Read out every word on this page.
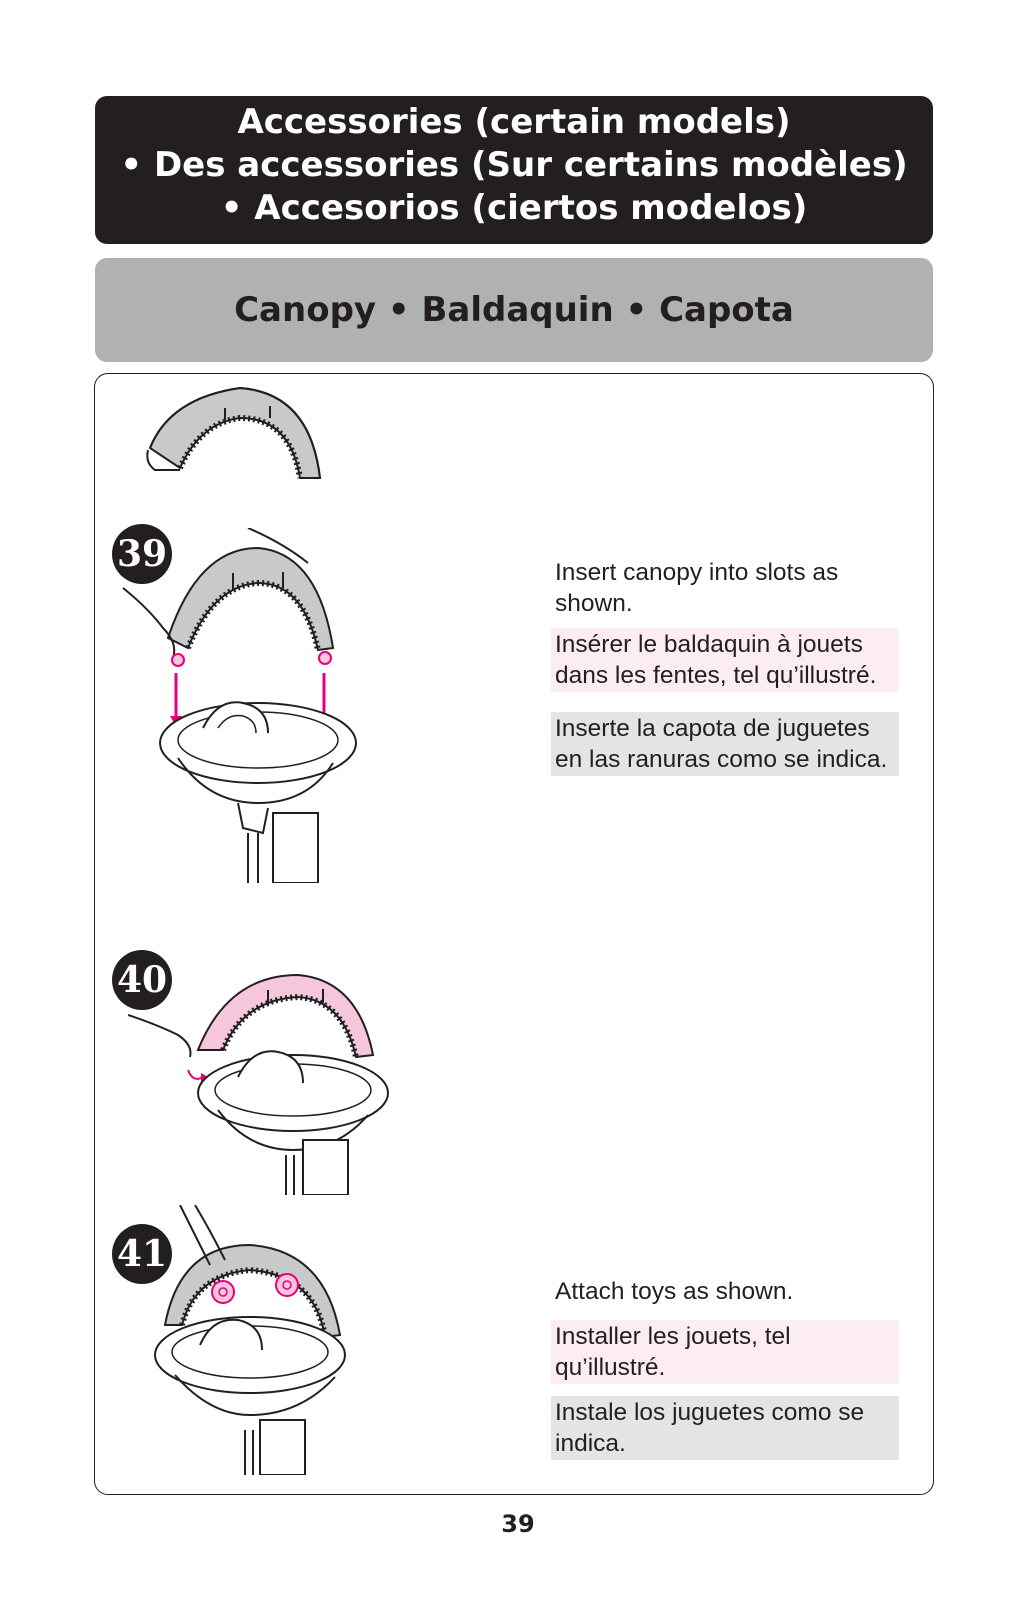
Accessories (certain models)
• Des accessories (Sur certains modèles)
• Accesorios (ciertos modelos)
Canopy • Baldaquin • Capota
39	Insert canopy into slots as shown.
Insérer le baldaquin à jouets dans les fentes, tel qu’illustré.
Inserte la capota de juguetes en las ranuras como se indica.
40
41
Attach toys as shown.
Installer les jouets, tel qu’illustré.
Instale los juguetes como se indica.
39
